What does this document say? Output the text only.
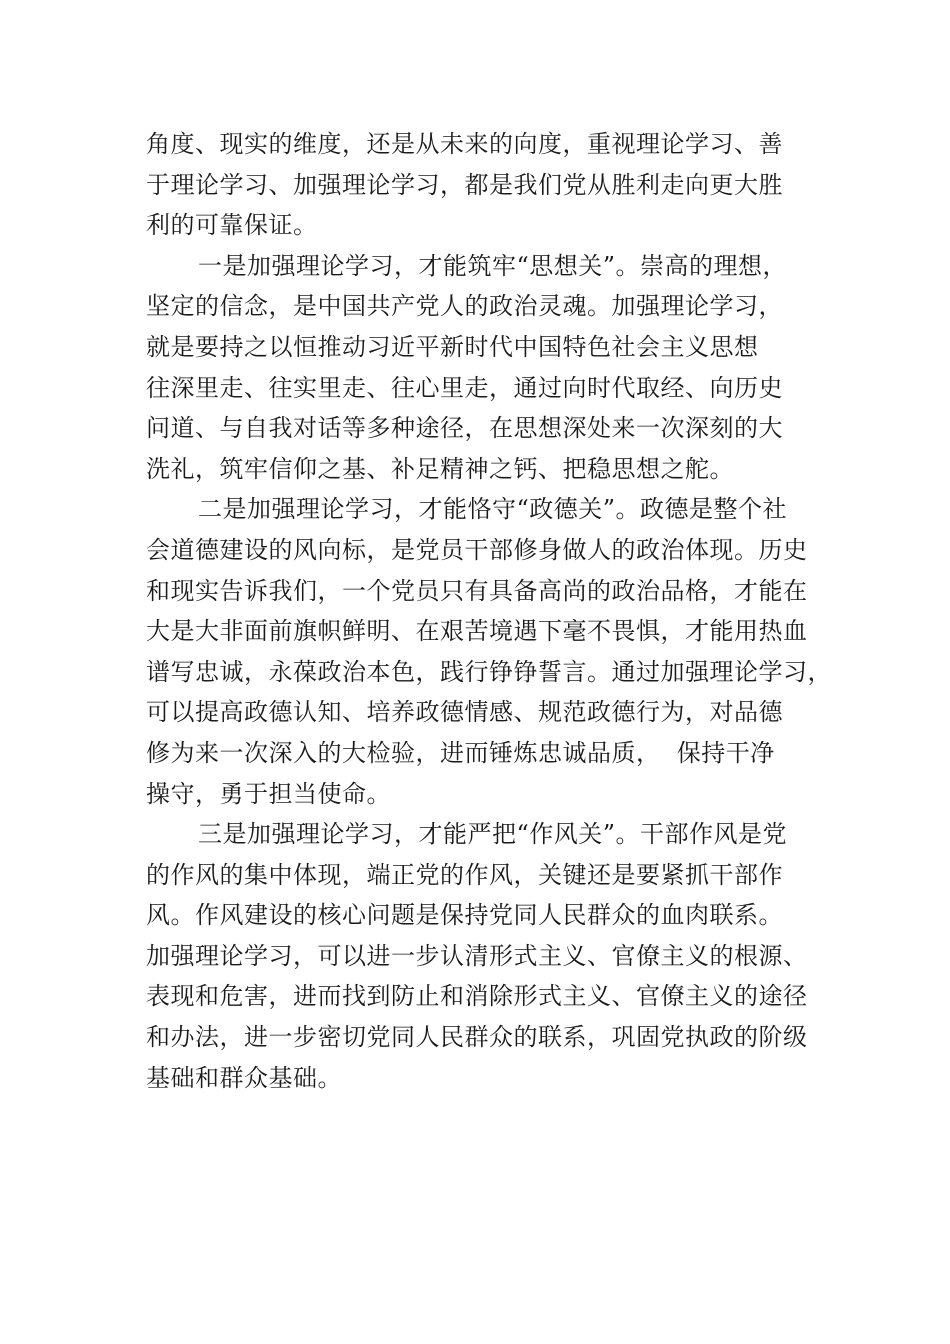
角度、现实的维度，还是从未来的向度，重视理论学习、善
于理论学习、加强理论学习，都是我们党从胜利走向更大胜
利的可靠保证。
一是加强理论学习，才能筑牢“思想关”。崇高的理想，
坚定的信念，是中国共产党人的政治灵魂。加强理论学习，
就是要持之以恒推动习近平新时代中国特色社会主义思想
往深里走、往实里走、往心里走，通过向时代取经、向历史
问道、与自我对话等多种途径，在思想深处来一次深刻的大
洗礼，筑牢信仰之基、补足精神之钙、把稳思想之舵。
二是加强理论学习，才能恪守“政德关”。政德是整个社
会道德建设的风向标，是党员干部修身做人的政治体现。历史
和现实告诉我们，一个党员只有具备高尚的政治品格，才能在
大是大非面前旗帜鲜明、在艰苦境遇下毫不畏惧，才能用热血
谱写忠诚，永葆政治本色，践行铮铮誓言。通过加强理论学习，
可以提高政德认知、培养政德情感、规范政德行为，对品德
修为来一次深入的大检验，进而锤炼忠诚品质，  保持干净
操守，勇于担当使命。
三是加强理论学习，才能严把“作风关”。干部作风是党
的作风的集中体现，端正党的作风，关键还是要紧抓干部作
风。作风建设的核心问题是保持党同人民群众的血肉联系。
加强理论学习，可以进一步认清形式主义、官僚主义的根源、
表现和危害，进而找到防止和消除形式主义、官僚主义的途径
和办法，进一步密切党同人民群众的联系，巩固党执政的阶级
基础和群众基础。
